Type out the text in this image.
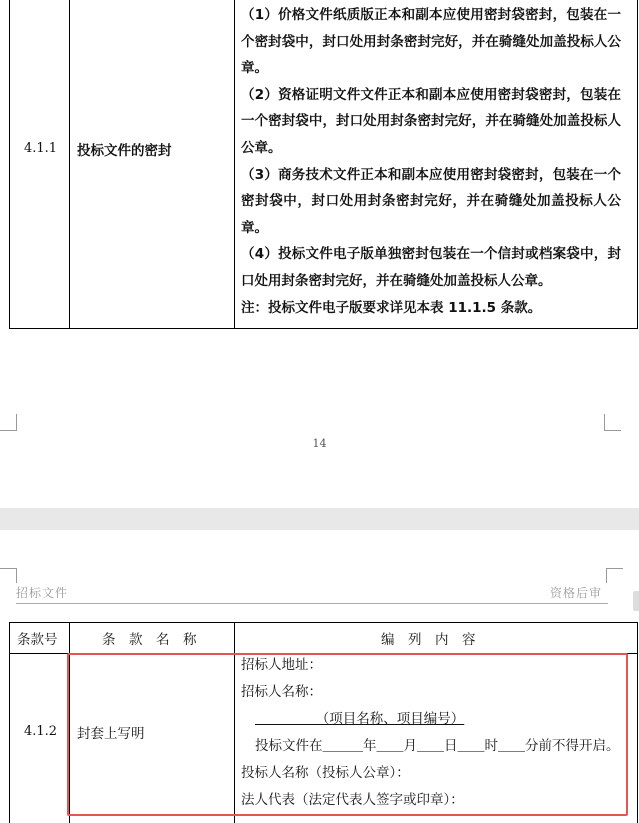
4.1.1 投标文件的密封

（1）价格文件纸质版正本和副本应使用密封袋密封，包装在一个密封袋中，封口处用封条密封完好，并在骑缝处加盖投标人公章。

（2）资格证明文件文件正本和副本应使用密封袋密封，包装在一个密封袋中，封口处用封条密封完好，并在骑缝处加盖投标人公章。

（3）商务技术文件正本和副本应使用密封袋密封，包装在一个密封袋中，封口处用封条密封完好，并在骑缝处加盖投标人公章。

（4）投标文件电子版单独密封包装在一个信封或档案袋中，封口处用封条密封完好，并在骑缝处加盖投标人公章。

注：投标文件电子版要求详见本表 11.1.5 条款。

14
招标文件	资格后审
条款号	条　款　名　称	编　列　内　容
4.1.2 封套上写明

招标人地址：

招标人名称：

　　　　　（项目名称、项目编号）

投标文件在＿＿＿年＿＿月＿＿日＿＿时＿＿分前不得开启。

投标人名称（投标人公章）：

法人代表（法定代表人签字或印章）：
